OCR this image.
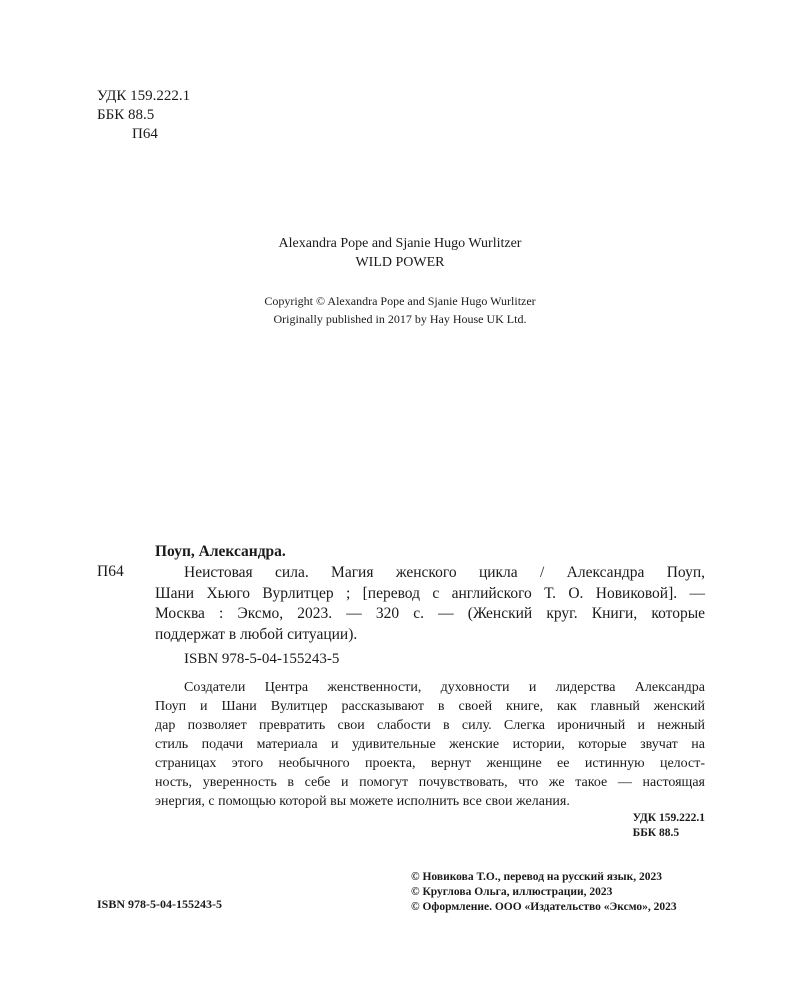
УДК 159.222.1
ББК 88.5
П64
Alexandra Pope and Sjanie Hugo Wurlitzer
WILD POWER
Copyright © Alexandra Pope and Sjanie Hugo Wurlitzer
Originally published in 2017 by Hay House UK Ltd.
Поуп, Александра.
П64	Неистовая сила. Магия женского цикла / Александра Поуп,
Шани Хьюго Вурлитцер ; [перевод с английского Т. О. Новиковой]. —
Москва : Эксмо, 2023. — 320 с. — (Женский круг. Книги, которые
поддержат в любой ситуации).
ISBN 978-5-04-155243-5
Создатели Центра женственности, духовности и лидерства Александра
Поуп и Шани Вулитцер рассказывают в своей книге, как главный женский
дар позволяет превратить свои слабости в силу. Слегка ироничный и нежный
стиль подачи материала и удивительные женские истории, которые звучат на
страницах этого необычного проекта, вернут женщине ее истинную целост-
ность, уверенность в себе и помогут почувствовать, что же такое — настоящая
энергия, с помощью которой вы можете исполнить все свои желания.
УДК 159.222.1
ББК 88.5
© Новикова Т.О., перевод на русский язык, 2023
© Круглова Ольга, иллюстрации, 2023
© Оформление. ООО «Издательство «Эксмо», 2023
ISBN 978-5-04-155243-5
